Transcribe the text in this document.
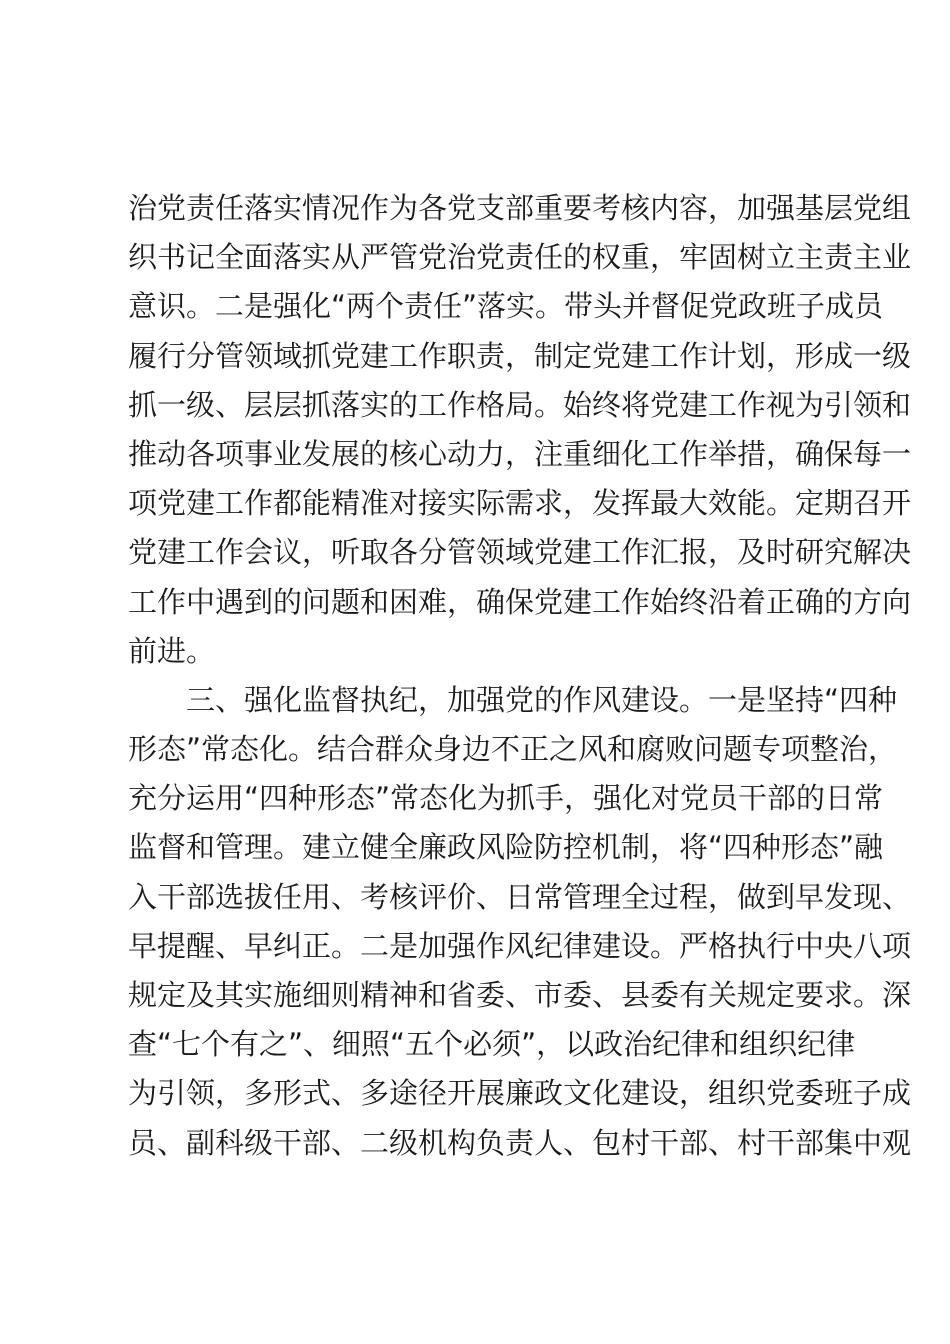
治党责任落实情况作为各党支部重要考核内容，加强基层党组
织书记全面落实从严管党治党责任的权重，牢固树立主责主业
意识。二是强化“两个责任”落实。带头并督促党政班子成员
履行分管领域抓党建工作职责，制定党建工作计划，形成一级
抓一级、层层抓落实的工作格局。始终将党建工作视为引领和
推动各项事业发展的核心动力，注重细化工作举措，确保每一
项党建工作都能精准对接实际需求，发挥最大效能。定期召开
党建工作会议，听取各分管领域党建工作汇报，及时研究解决
工作中遇到的问题和困难，确保党建工作始终沿着正确的方向
前进。
三、强化监督执纪，加强党的作风建设。一是坚持“四种
形态”常态化。结合群众身边不正之风和腐败问题专项整治，
充分运用“四种形态”常态化为抓手，强化对党员干部的日常
监督和管理。建立健全廉政风险防控机制，将“四种形态”融
入干部选拔任用、考核评价、日常管理全过程，做到早发现、
早提醒、早纠正。二是加强作风纪律建设。严格执行中央八项
规定及其实施细则精神和省委、市委、县委有关规定要求。深
查“七个有之”、细照“五个必须”，以政治纪律和组织纪律
为引领，多形式、多途径开展廉政文化建设，组织党委班子成
员、副科级干部、二级机构负责人、包村干部、村干部集中观
